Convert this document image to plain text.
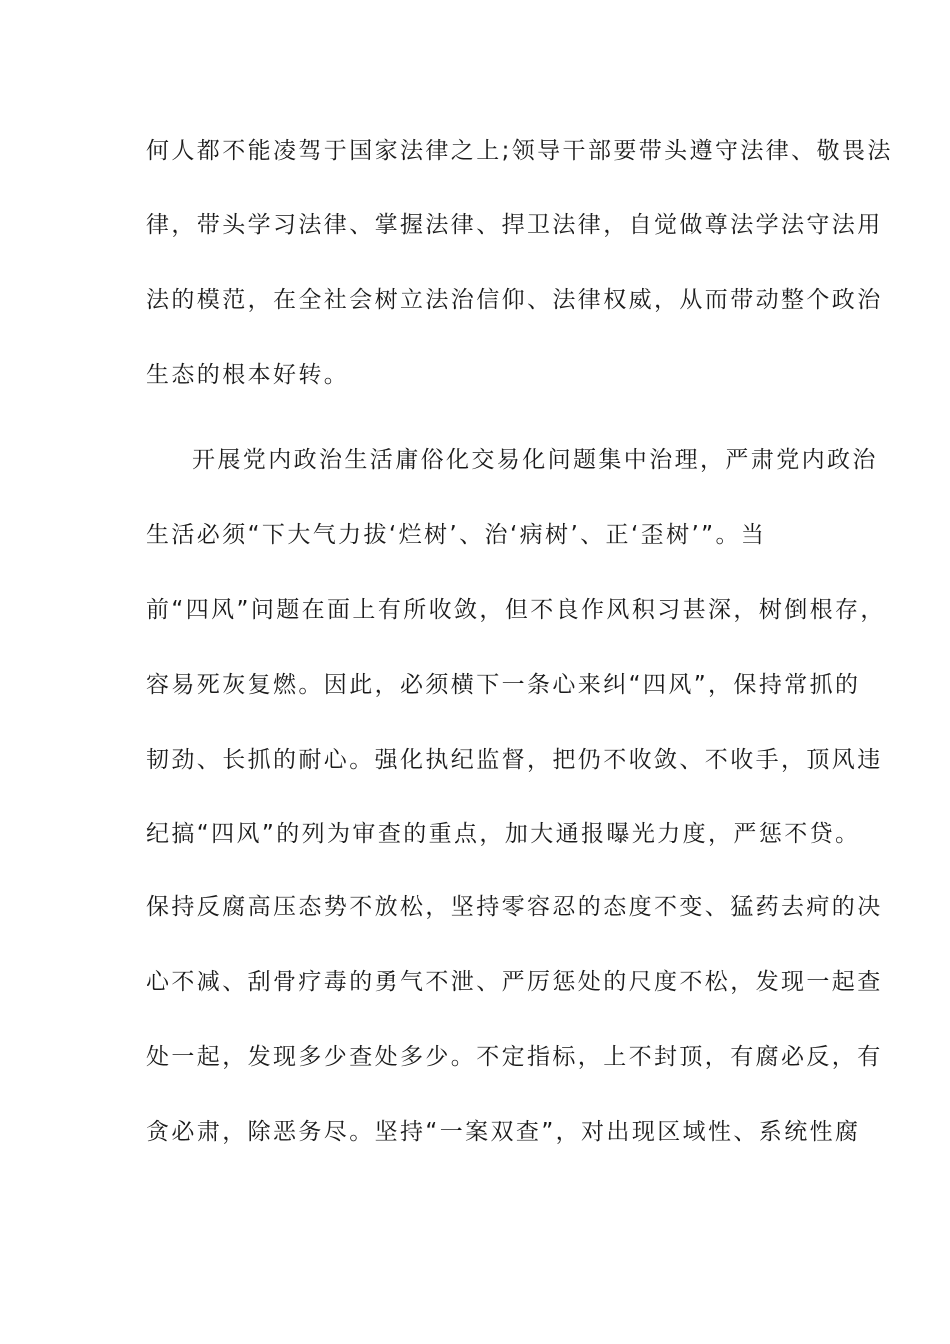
何人都不能凌驾于国家法律之上;领导干部要带头遵守法律、敬畏法
律，带头学习法律、掌握法律、捍卫法律，自觉做尊法学法守法用
法的模范，在全社会树立法治信仰、法律权威，从而带动整个政治
生态的根本好转。
开展党内政治生活庸俗化交易化问题集中治理，严肃党内政治
生活必须“下大气力拔‘烂树’、治‘病树’、正‘歪树’”。当
前“四风”问题在面上有所收敛，但不良作风积习甚深，树倒根存，
容易死灰复燃。因此，必须横下一条心来纠“四风”，保持常抓的
韧劲、长抓的耐心。强化执纪监督，把仍不收敛、不收手，顶风违
纪搞“四风”的列为审查的重点，加大通报曝光力度，严惩不贷。
保持反腐高压态势不放松，坚持零容忍的态度不变、猛药去疴的决
心不减、刮骨疗毒的勇气不泄、严厉惩处的尺度不松，发现一起查
处一起，发现多少查处多少。不定指标，上不封顶，有腐必反，有
贪必肃，除恶务尽。坚持“一案双查”，对出现区域性、系统性腐
